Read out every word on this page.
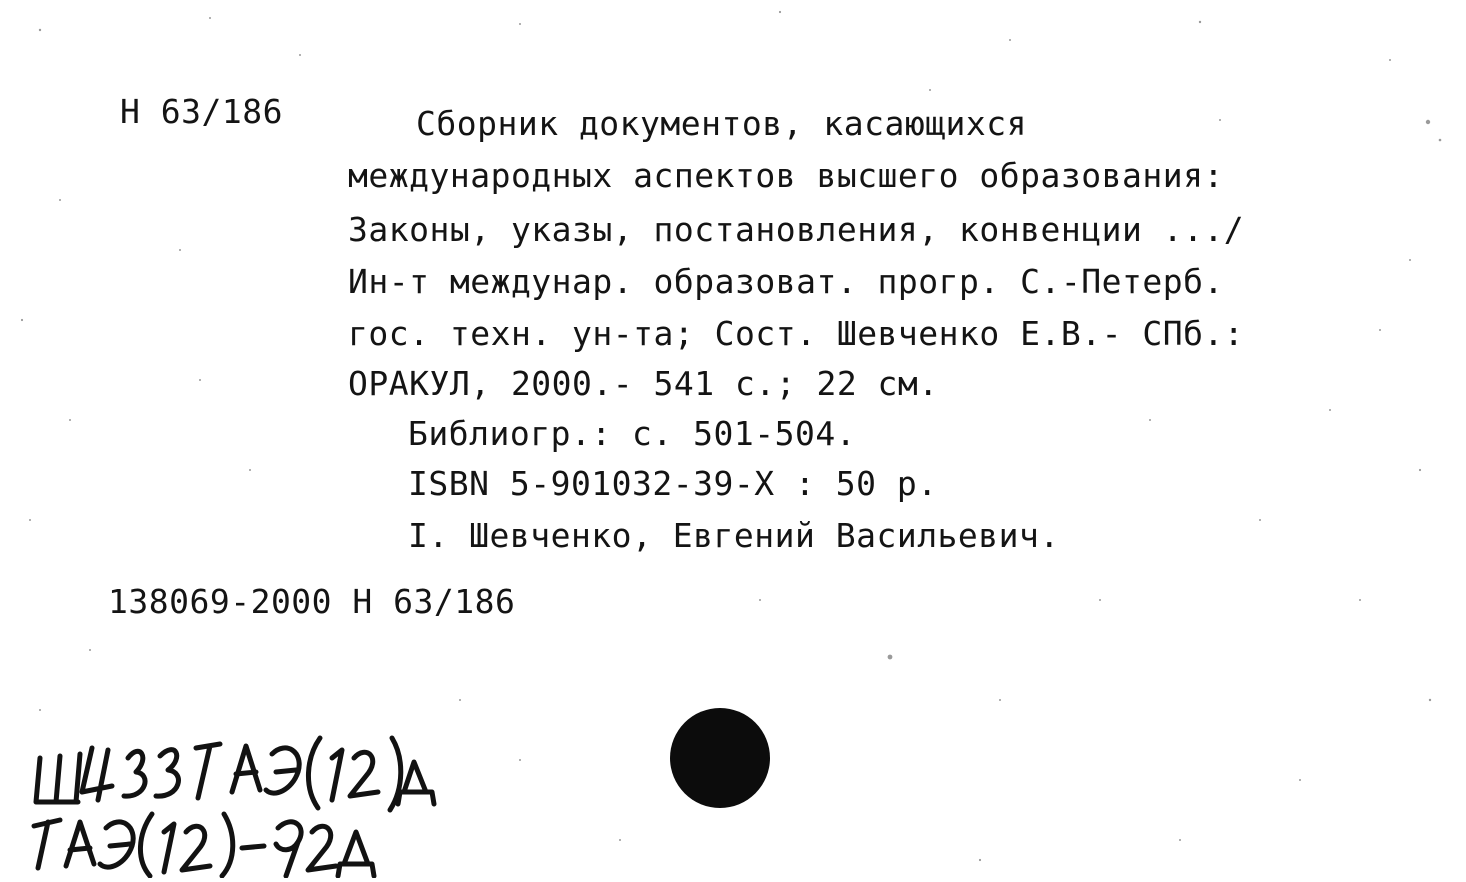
Н 63/186	Сборник документов, касающихся
международных аспектов высшего образования:
Законы, указы, постановления, конвенции .../
Ин-т междунар. образоват. прогр. С.-Петерб.
гос. техн. ун-та; Сост. Шевченко Е.В.- СПб.:
ОРАКУЛ, 2000.- 541 с.; 22 см.
Библиогр.: с. 501-504.
ISBN 5-901032-39-X : 50 р.
I. Шевченко, Евгений Васильевич.
138069-2000 Н 63/186
